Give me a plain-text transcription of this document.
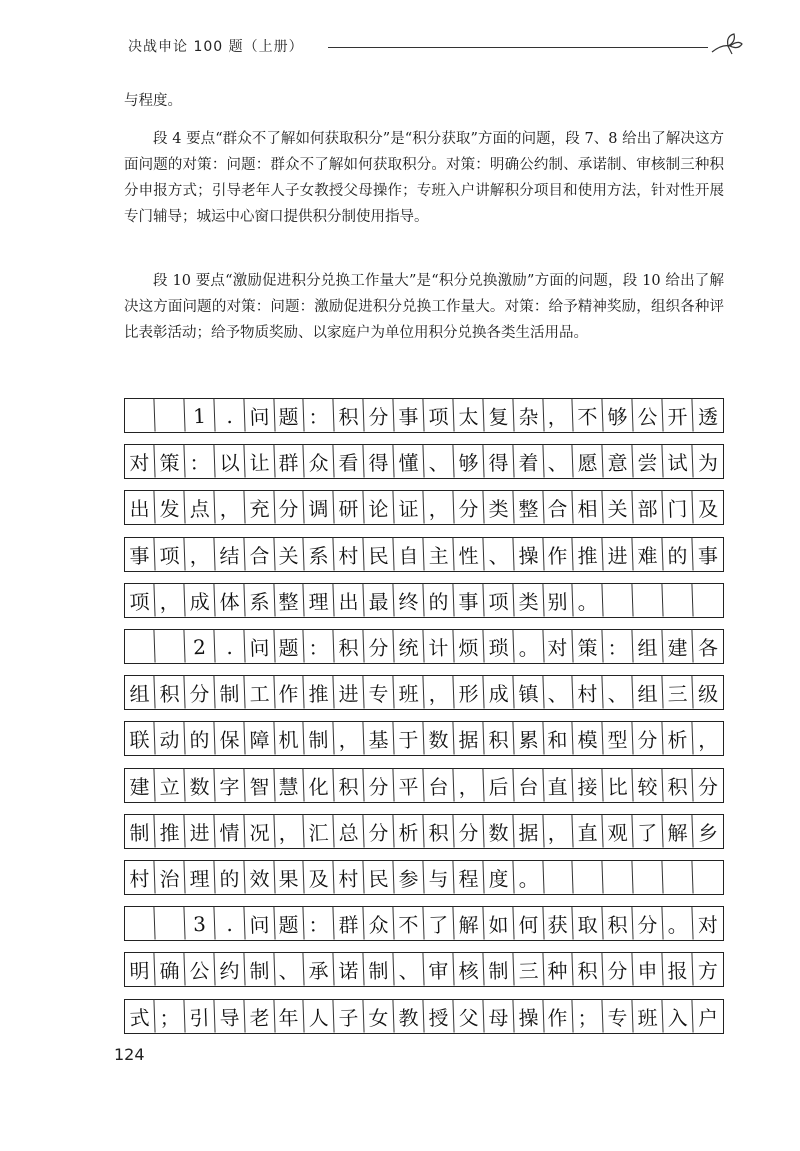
决战申论 100 题（上册）

与程度。

段 4 要点“群众不了解如何获取积分”是“积分获取”方面的问题，段 7、8 给出了解决这方面问题的对策：问题：群众不了解如何获取积分。对策：明确公约制、承诺制、审核制三种积分申报方式；引导老年人子女教授父母操作；专班入户讲解积分项目和使用方法，针对性开展专门辅导；城运中心窗口提供积分制使用指导。

段 10 要点“激励促进积分兑换工作量大”是“积分兑换激励”方面的问题，段 10 给出了解决这方面问题的对策：问题：激励促进积分兑换工作量大。对策：给予精神奖励，组织各种评比表彰活动；给予物质奖励、以家庭户为单位用积分兑换各类生活用品。

1 . 问 题 ： 积 分 事 项 太 复 杂 ， 不 够 公 开 透
对 策 ： 以 让 群 众 看 得 懂 、 够 得 着 、 愿 意 尝 试 为
出 发 点 ， 充 分 调 研 论 证 ， 分 类 整 合 相 关 部 门 及
事 项 ， 结 合 关 系 村 民 自 主 性 、 操 作 推 进 难 的 事
项 ， 成 体 系 整 理 出 最 终 的 事 项 类 别 。
2 . 问 题 ： 积 分 统 计 烦 琐 。 对 策 ： 组 建 各
组 积 分 制 工 作 推 进 专 班 ， 形 成 镇 、 村 、 组 三 级
联 动 的 保 障 机 制 ， 基 于 数 据 积 累 和 模 型 分 析 ，
建 立 数 字 智 慧 化 积 分 平 台 ， 后 台 直 接 比 较 积 分
制 推 进 情 况 ， 汇 总 分 析 积 分 数 据 ， 直 观 了 解 乡
村 治 理 的 效 果 及 村 民 参 与 程 度 。
3 . 问 题 ： 群 众 不 了 解 如 何 获 取 积 分 。 对
明 确 公 约 制 、 承 诺 制 、 审 核 制 三 种 积 分 申 报 方
式 ； 引 导 老 年 人 子 女 教 授 父 母 操 作 ； 专 班 入 户
124
